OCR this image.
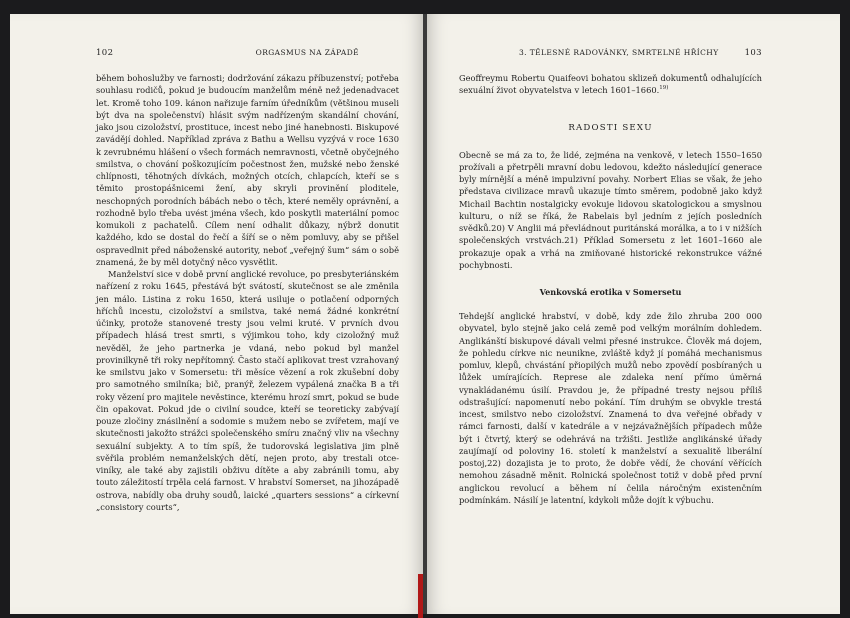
102	ORGASMUS NA ZÁPADĚ

během bohoslužby ve farnosti; dodržování zákazu příbuzenství; potřeba souhlasu rodičů, pokud je budoucím manželům méně než jedenadvacet let. Kromě toho 109. kánon nařizuje farním úředníkům (většinou museli být dva na společenství) hlásit svým nadřízeným skandální chování, jako jsou cizoložství, prostituce, incest nebo jiné hanebnosti. Biskupové zavádějí dohled. Například zpráva z Bathu a Wellsu vyzývá v roce 1630 k zevrubnému hlášení o všech formách nemravnosti, včetně obyčejného smilstva, o chování poškozujícím počestnost žen, mužské nebo ženské chlípnosti, těhotných dívkách, možných otcích, chlapcích, kteří se s těmito prostopášnicemi žení, aby skryli provinění ploditele, neschopných porodních bábách nebo o těch, které neměly oprávnění, a rozhodně bylo třeba uvést jména všech, kdo poskytli materiální pomoc komukoli z pachatelů. Cílem není odhalit důkazy, nýbrž donutit každého, kdo se dostal do řečí a šíří se o něm pomluvy, aby se přišel ospravedlnit před náboženské autority, neboť „veřejný šum“ sám o sobě znamená, že by měl dotyčný něco vysvětlit.

Manželství sice v době první anglické revoluce, po presbyteriánském nařízení z roku 1645, přestává být svátostí, skutečnost se ale změnila jen málo. Listina z roku 1650, která usiluje o potlačení odporných hříchů incestu, cizoložství a smilstva, také nemá žádné konkrétní účinky, protože stanovené tresty jsou velmi kruté. V prvních dvou případech hlásá trest smrti, s výjimkou toho, kdy cizoložný muž nevěděl, že jeho partnerka je vdaná, nebo pokud byl manžel provinilkyně tři roky nepřítomný. Často stačí aplikovat trest vzrahovaný ke smilstvu jako v Somersetu: tři měsíce vězení a rok zkušební doby pro samotného smilníka; bič, pranýř, železem vypálená značka B a tři roky vězení pro majitele nevěstince, kterému hrozí smrt, pokud se bude čin opakovat. Pokud jde o civilní soudce, kteří se teoreticky zabývají pouze zločiny znásilnění a sodomie s mužem nebo se zvířetem, mají ve skutečnosti jakožto strážci společenského smíru značný vliv na všechny sexuální subjekty. A to tím spíš, že tudorovská legislativa jim plně svěřila problém nemanželských dětí, nejen proto, aby trestali otce-viníky, ale také aby zajistili obživu dítěte a aby zabránili tomu, aby touto záležitostí trpěla celá farnost. V hrabství Somerset, na jihozápadě ostrova, nabídly oba druhy soudů, laické „quarters sessions“ a církevní „consistory courts“,

3. TĚLESNÉ RADOVÁNKY, SMRTELNÉ HŘÍCHY	103

Geoffreymu Robertu Quaifeovi bohatou sklizeň dokumentů odhalujících sexuální život obyvatelstva v letech 1601–1660.$^{19)}$

RADOSTI SEXU

Obecně se má za to, že lidé, zejména na venkově, v letech 1550–1650 prožívali a přetrpěli mravní dobu ledovou, kdežto následující generace byly mírnější a méně impulzivní povahy. Norbert Elias se však, že jeho představa civilizace mravů ukazuje tímto směrem, podobně jako když Michail Bachtin nostalgicky evokuje lidovou skatologickou a smyslnou kulturu, o níž se říká, že Rabelais byl jedním z jejích posledních svědků.20) V Anglii má převládnout puritánská morálka, a to i v nižších společenských vrstvách.21) Příklad Somersetu z let 1601–1660 ale prokazuje opak a vrhá na zmiňované historické rekonstrukce vážné pochybnosti.

Venkovská erotika v Somersetu

Tehdejší anglické hrabství, v době, kdy zde žilo zhruba 200 000 obyvatel, bylo stejně jako celá země pod velkým morálním dohledem. Anglikánští biskupové dávali velmi přesné instrukce. Člověk má dojem, že pohledu církve nic neunikne, zvláště když jí pomáhá mechanismus pomluv, klepů, chvástání přiopilých mužů nebo zpovědí posbíraných u lůžek umírajících. Represe ale zdaleka není přímo úměrná vynakládanému úsilí. Pravdou je, že případné tresty nejsou příliš odstrašující: napomenutí nebo pokání. Tím druhým se obvykle trestá incest, smilstvo nebo cizoložství. Znamená to dva veřejné obřady v rámci farnosti, další v katedrále a v nejzávažnějších případech může být i čtvrtý, který se odehrává na tržišti. Jestliže anglikánské úřady zaujímají od poloviny 16. století k manželství a sexualitě liberální postoj,22) dozajista je to proto, že dobře vědí, že chování věřících nemohou zásadně měnit. Rolnická společnost totiž v době před první anglickou revolucí a během ní čelila náročným existenčním podmínkám. Násilí je latentní, kdykoli může dojít k výbuchu.
